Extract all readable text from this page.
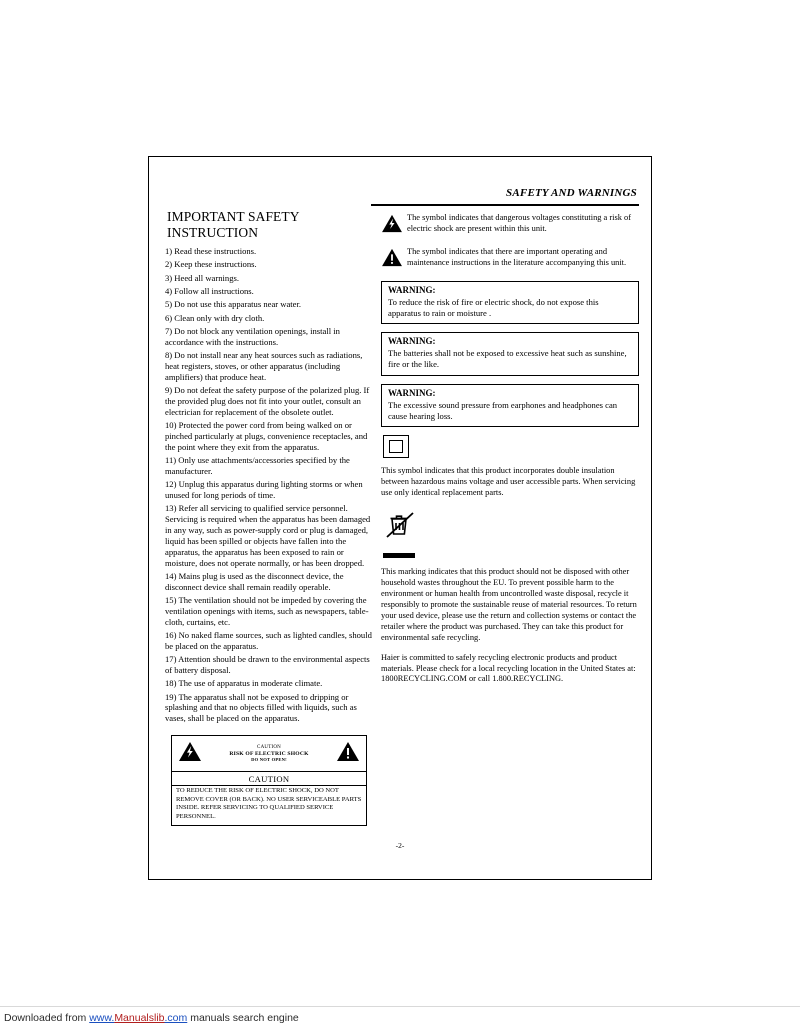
SAFETY AND WARNINGS
IMPORTANT SAFETY INSTRUCTION
1) Read these instructions.
2) Keep these instructions.
3) Heed all warnings.
4) Follow all instructions.
5) Do not use this apparatus near water.
6) Clean only with dry cloth.
7) Do not block any ventilation openings, install in accordance with the instructions.
8) Do not install near any heat sources such as radiations, heat registers, stoves, or other apparatus (including amplifiers) that produce heat.
9) Do not defeat the safety purpose of the polarized plug. If the provided plug does not fit into your outlet, consult an electrician for replacement of the obsolete outlet.
10) Protected the power cord from being walked on or pinched particularly at plugs, convenience receptacles, and the point where they exit from the apparatus.
11) Only use attachments/accessories specified by the manufacturer.
12) Unplug this apparatus during lighting storms or when unused for long periods of time.
13) Refer all servicing to qualified service personnel. Servicing is required when the apparatus has been damaged in any way, such as power-supply cord or plug is damaged, liquid has been spilled or objects have fallen into the apparatus, the apparatus has been exposed to rain or moisture, does not operate normally, or has been dropped.
14) Mains plug is used as the disconnect device, the disconnect device shall remain readily operable.
15) The ventilation should not be impeded by covering the ventilation openings with items, such as newspapers, table-cloth, curtains, etc.
16) No naked flame sources, such as lighted candles, should be placed on the apparatus.
17) Attention should be drawn to the environmental aspects of battery disposal.
18) The use of apparatus in moderate climate.
19) The apparatus shall not be exposed to dripping or splashing and that no objects filled with liquids, such as vases, shall be placed on the apparatus.
CAUTION
RISK OF ELECTRIC SHOCK
DO NOT OPEN!
CAUTION
TO REDUCE THE RISK OF ELECTRIC SHOCK, DO NOT REMOVE COVER (OR BACK). NO USER SERVICEABLE PARTS INSIDE. REFER SERVICING TO QUALIFIED SERVICE PERSONNEL.
The symbol indicates that dangerous voltages constituting a risk of electric shock are present within this unit.
The symbol indicates that there are important operating and maintenance instructions in the literature accompanying this unit.
WARNING:
To reduce the risk of fire or electric shock, do not expose this apparatus to rain or moisture .
WARNING:
The batteries shall not be exposed to excessive heat such as sunshine, fire or the like.
WARNING:
The excessive sound pressure from earphones and headphones can cause hearing loss.
This symbol indicates that this product incorporates double insulation between hazardous mains voltage and user accessible parts. When servicing use only identical replacement parts.
This marking indicates that this product should not be disposed with other household wastes throughout the EU. To prevent possible harm to the environment or human health from uncontrolled waste disposal, recycle it responsibly to promote the sustainable reuse of material resources. To return your used device, please use the return and collection systems or contact the retailer where the product was purchased. They can take this product for environmental safe recycling.
Haier is committed to safely recycling electronic products and product materials. Please check for a local recycling location in the United States at: 1800RECYCLING.COM or call 1.800.RECYCLING.
-2-
Downloaded from www.Manualslib.com manuals search engine
